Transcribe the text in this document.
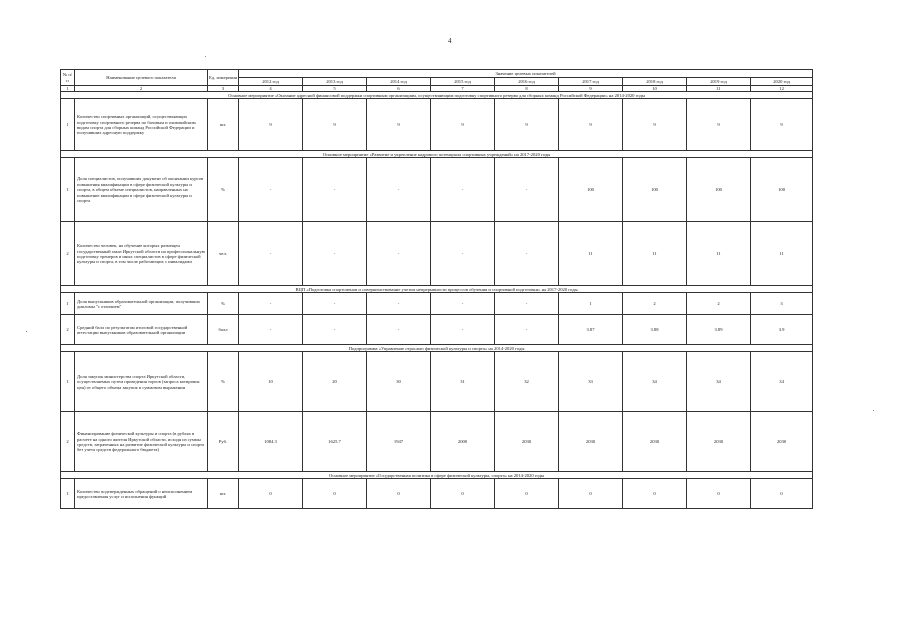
4
№ п/п	Наименование целевого показателя	Ед. измерения	Значение целевых показателей								
			2012 год	2013 год	2014 год	2015 год	2016 год	2017 год	2018 год	2019 год	2020 год
1	2	3	4	5	6	7	8	9	10	11	12
Основное мероприятие «Оказание адресной финансовой поддержки спортивным организациям, осуществляющим подготовку спортивного резерва для сборных команд Российской Федерации» на 2014-2020 годы											
1	Количество спортивных организаций, осуществляющих подготовку спортивного резерва по базовым и олимпийским видам спорта для сборных команд Российской Федерации и получивших адресную поддержку	шт.	9	9	9	9	9	9	9	9	9
Основное мероприятие «Развитие и укрепление кадрового потенциала спортивных учреждений» на 2017-2020 годы											
1	Доля специалистов, получивших документ об окончании курсов повышения квалификации в сфере физической культуры и спорта, в общем объеме специалистов, направленных на повышение квалификации в сфере физической культуры и спорта	%	-	-	-	-	-	100	100	100	100
2	Количество человек, на обучение которых размещен государственный заказ Иркутской области на профессиональную подготовку тренеров и иных специалистов в сфере физической культуры и спорта, в том числе работающих с инвалидами	чел.	-	-	-	-	-	11	11	11	11
ВЦП «Подготовка спортсменов и совершенствование учетом непрерывности процессов обучения и спортивной подготовки» на 2017-2020 годы											
1	Доля выпускников образовательной организации, получивших дипломы "с отличием"	%	-	-	-	-	-	1	2	2	3
2	Средний балл по результатам итоговой государственной аттестации выпускников образовательной организации	балл	-	-	-	-	-	3.87	3.88	3.89	3.9
Подпрограмма «Управление отраслью физической культуры и спорта» на 2014-2020 годы											
1	Доля закупок министерства спорта Иркутской области, осуществляемых путем проведения торгов (запроса котировок цен) от общего объема закупок в суммовом выражении	%	10	20	30	31	32	33	34	34	34
2	Финансирование физической культуры и спорта (в рублях в расчете на одного жителя Иркутской области, исходя из суммы средств, затраченных на развитие физической культуры и спорта без учета средств федерального бюджета)	Руб.	1084.3	1625.7	1947	2000	2030	2030	2030	2030	2030
Основное мероприятие «Государственная политика в сфере физической культуры, спорта» на 2014-2020 годы											
1	Количество подтвержденных обращений о неисполнением предоставления услуг и исполнения функций	шт.	0	0	0	0	0	0	0	0	0
